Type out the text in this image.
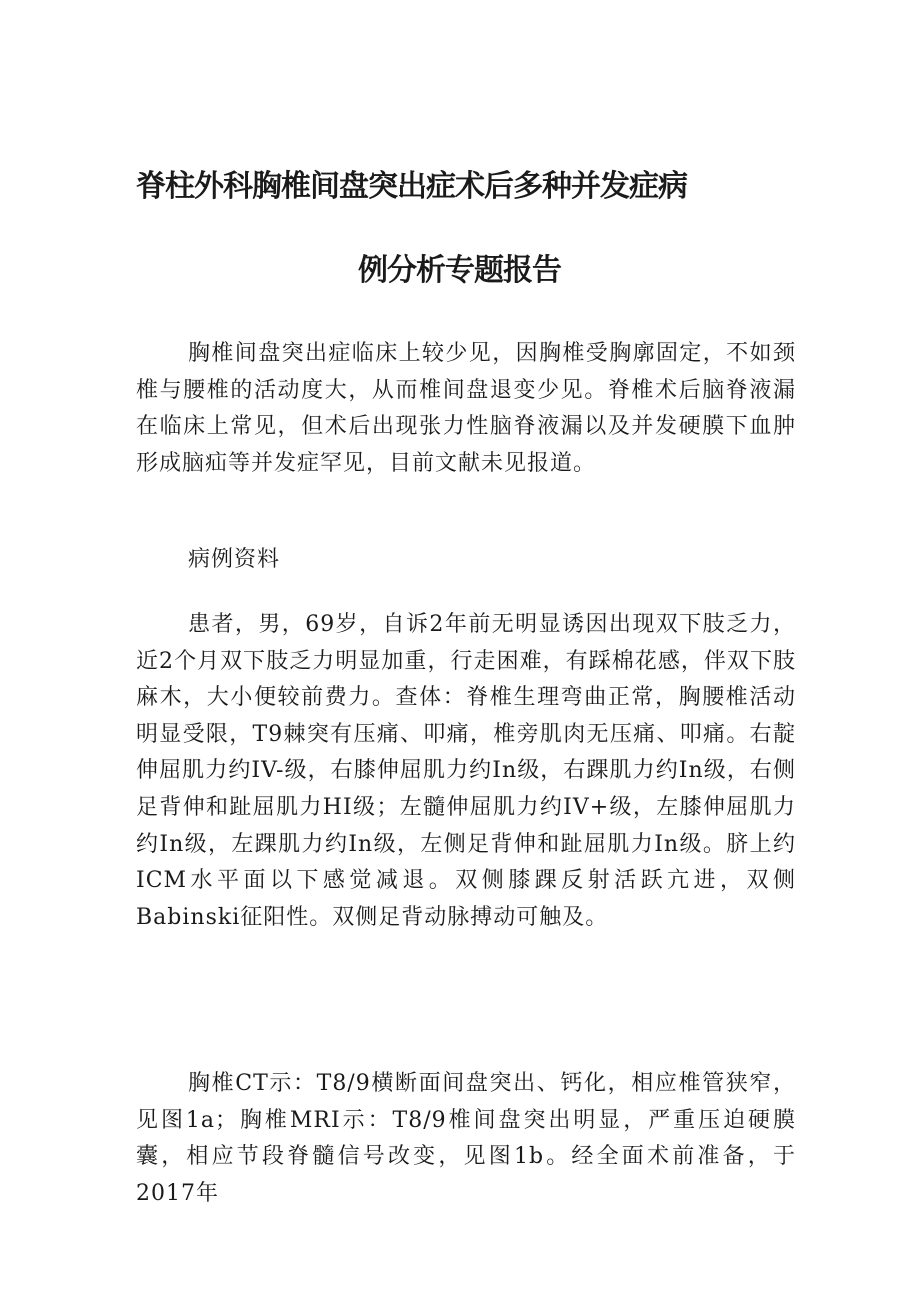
脊柱外科胸椎间盘突出症术后多种并发症病
例分析专题报告

胸椎间盘突出症临床上较少见，因胸椎受胸廓固定，不如颈椎与腰椎的活动度大，从而椎间盘退变少见。脊椎术后脑脊液漏在临床上常见，但术后出现张力性脑脊液漏以及并发硬膜下血肿形成脑疝等并发症罕见，目前文献未见报道。

病例资料

患者，男，69岁，自诉2年前无明显诱因出现双下肢乏力，近2个月双下肢乏力明显加重，行走困难，有踩棉花感，伴双下肢麻木，大小便较前费力。查体：脊椎生理弯曲正常，胸腰椎活动明显受限，T9棘突有压痛、叩痛，椎旁肌肉无压痛、叩痛。右靛伸屈肌力约IV-级，右膝伸屈肌力约In级，右踝肌力约In级，右侧足背伸和趾屈肌力HI级；左髓伸屈肌力约IV+级，左膝伸屈肌力约In级，左踝肌力约In级，左侧足背伸和趾屈肌力In级。脐上约ICM水平面以下感觉减退。双侧膝踝反射活跃亢进，双侧Babinski征阳性。双侧足背动脉搏动可触及。

胸椎CT示：T8/9横断面间盘突出、钙化，相应椎管狭窄，见图1a；胸椎MRI示：T8/9椎间盘突出明显，严重压迫硬膜囊，相应节段脊髓信号改变，见图1b。经全面术前准备，于2017年
